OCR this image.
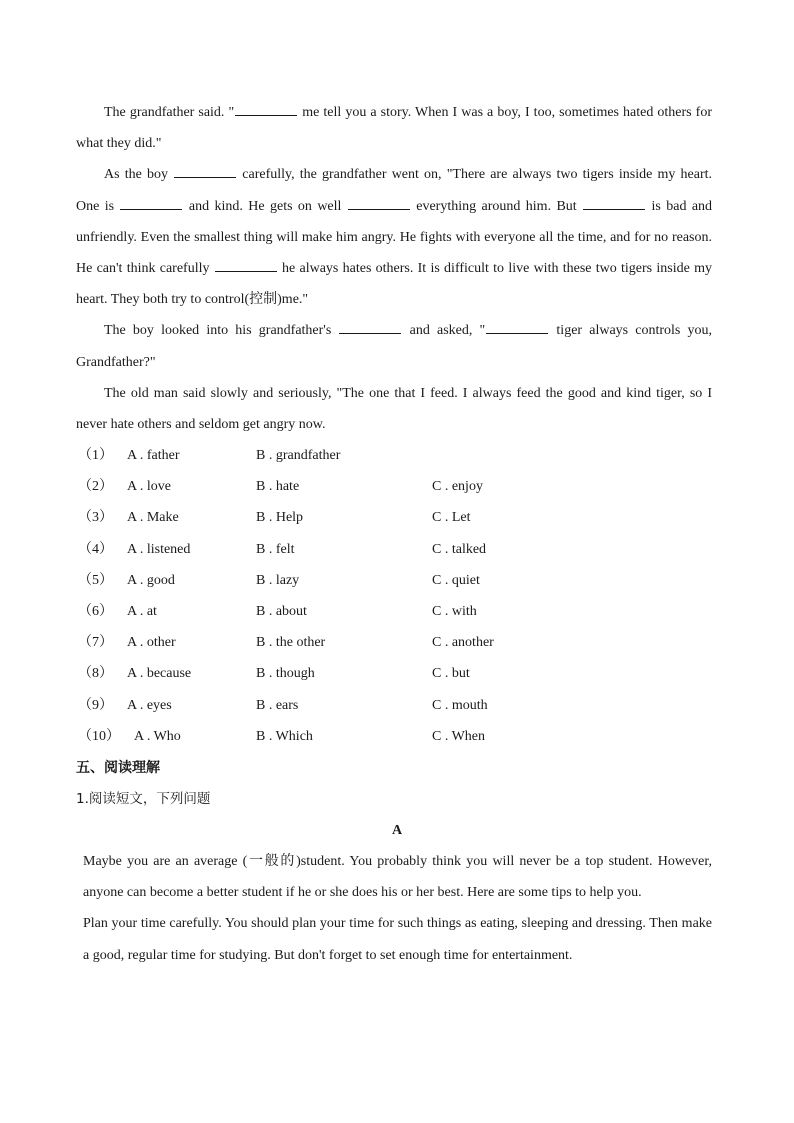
The grandfather said. "	me tell you a story. When I was a boy, I too, sometimes hated others for what they did."

As the boy	carefully, the grandfather went on, "There are always two tigers inside my heart. One is	and kind. He gets on well	everything around him. But	is bad and unfriendly. Even the smallest thing will make him angry. He fights with everyone all the time, and for no reason. He can't think carefully	he always hates others. It is difficult to live with these two tigers inside my heart. They both try to control(控制)me."

The boy looked into his grandfather's	and asked, "	tiger always controls you, Grandfather?"

The old man said slowly and seriously, "The one that I feed. I always feed the good and kind tiger, so I never hate others and seldom get angry now.

（1） A . father	B . grandfather
（2） A . love	B . hate	C . enjoy
（3） A . Make	B . Help	C . Let
（4） A . listened	B . felt	C . talked
（5） A . good	B . lazy	C . quiet
（6） A . at	B . about	C . with
（7） A . other	B . the other	C . another
（8） A . because	B . though	C . but
（9） A . eyes	B . ears	C . mouth
（10） A . Who	B . Which	C . When

五、阅读理解

1.阅读短文，下列问题

A

Maybe you are an average (一般的)student. You probably think you will never be a top student. However, anyone can become a better student if he or she does his or her best. Here are some tips to help you.

Plan your time carefully. You should plan your time for such things as eating, sleeping and dressing. Then make a good, regular time for studying. But don't forget to set enough time for entertainment.
